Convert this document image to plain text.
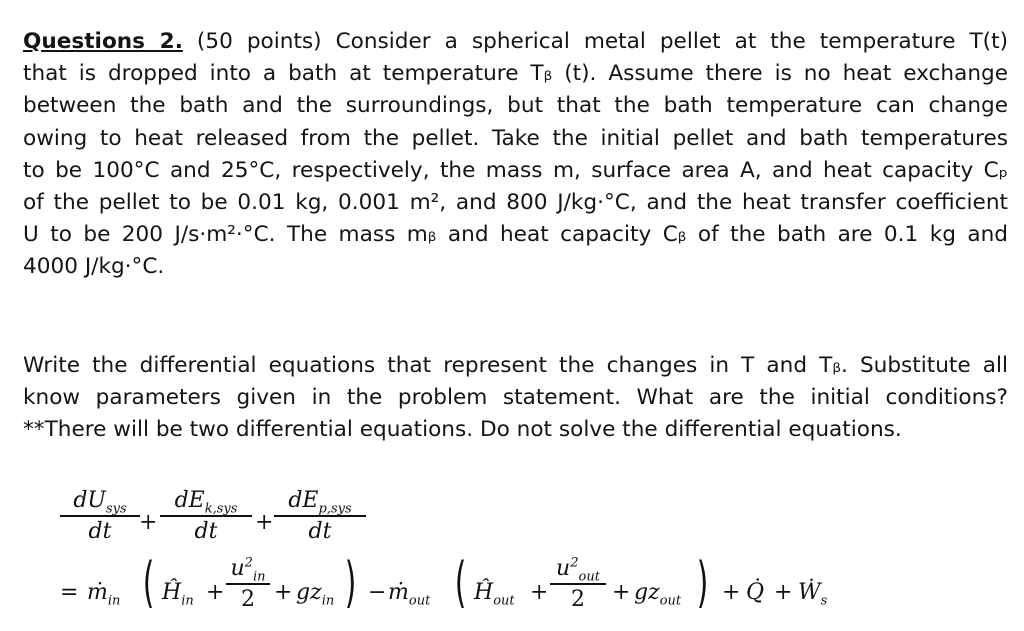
Questions 2. (50 points) Consider a spherical metal pellet at the temperature T(t)
that is dropped into a bath at temperature Tᵦ (t). Assume there is no heat exchange
between the bath and the surroundings, but that the bath temperature can change
owing to heat released from the pellet. Take the initial pellet and bath temperatures
to be 100°C and 25°C, respectively, the mass m, surface area A, and heat capacity Cₚ
of the pellet to be 0.01 kg, 0.001 m², and 800 J/kg·°C, and the heat transfer coefficient
U to be 200 J/s·m²·°C. The mass mᵦ and heat capacity Cᵦ of the bath are 0.1 kg and
4000 J/kg·°C.
Write the differential equations that represent the changes in T and Tᵦ. Substitute all
know parameters given in the problem statement. What are the initial conditions?
**There will be two differential equations. Do not solve the differential equations.
$dU_{sys}$
dt	+
$dE_{k,sys}$
dt	+
$dE_{p,sys}$
dt
= ṁ$_{in}$ ( $Ĥ_{in}$ +
$u^2_{in}$
$2 + gz_{in}$ ) − ṁ$_{out}$ ( $Ĥ_{out}$ +
$u^2_{out}$
2	+ $gz_{out}$ ) + Q̇ + Ẇ$_s$
